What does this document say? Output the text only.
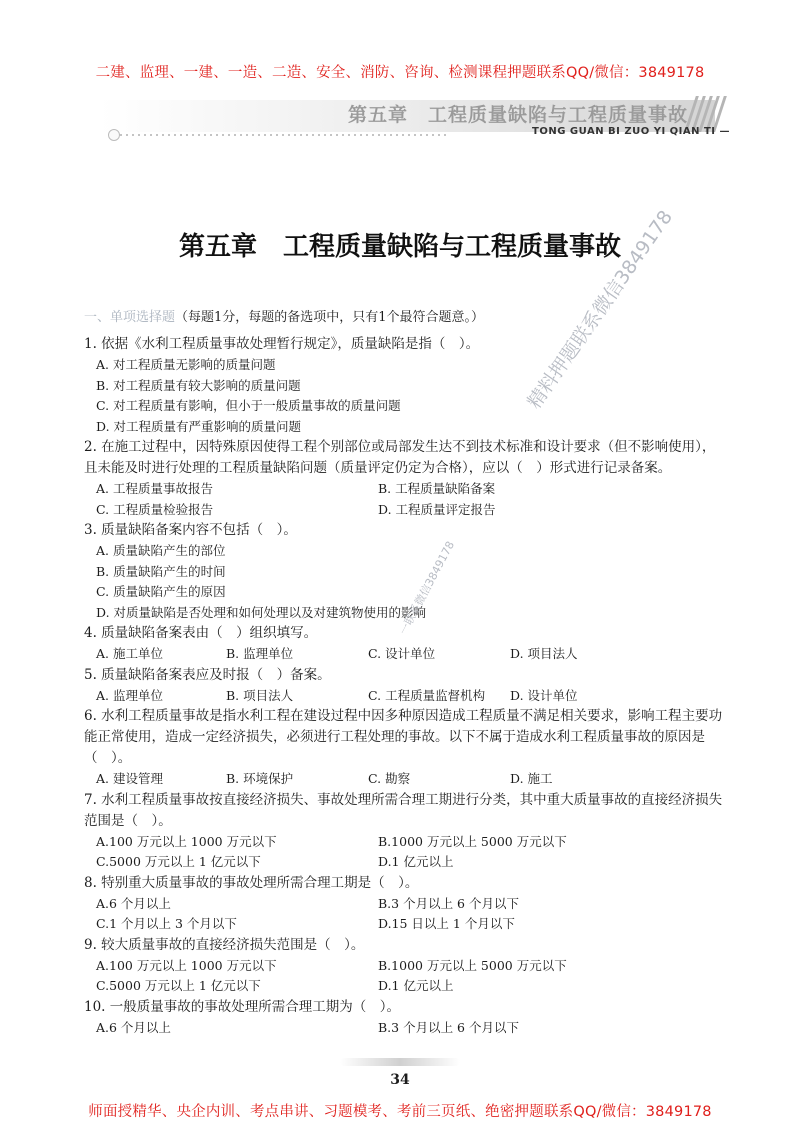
二建、监理、一建、一造、二造、安全、消防、咨询、检测课程押题联系QQ/微信：3849178
第五章　工程质量缺陷与工程质量事故
TONG GUAN BI ZUO YI QIAN TI —
第五章　工程质量缺陷与工程质量事故
一、单项选择题（每题1分，每题的备选项中，只有1个最符合题意。）

1. 依据《水利工程质量事故处理暂行规定》，质量缺陷是指（　）。

A. 对工程质量无影响的质量问题
B. 对工程质量有较大影响的质量问题
C. 对工程质量有影响，但小于一般质量事故的质量问题
D. 对工程质量有严重影响的质量问题

2. 在施工过程中，因特殊原因使得工程个别部位或局部发生达不到技术标准和设计要求（但不影响使用），且未能及时进行处理的工程质量缺陷问题（质量评定仍定为合格），应以（　）形式进行记录备案。

A. 工程质量事故报告	B. 工程质量缺陷备案
C. 工程质量检验报告	D. 工程质量评定报告

3. 质量缺陷备案内容不包括（　）。

A. 质量缺陷产生的部位
B. 质量缺陷产生的时间
C. 质量缺陷产生的原因
D. 对质量缺陷是否处理和如何处理以及对建筑物使用的影响

4. 质量缺陷备案表由（　）组织填写。

A. 施工单位	B. 监理单位	C. 设计单位	D. 项目法人

5. 质量缺陷备案表应及时报（　）备案。

A. 监理单位	B. 项目法人	C. 工程质量监督机构	D. 设计单位

6. 水利工程质量事故是指水利工程在建设过程中因多种原因造成工程质量不满足相关要求，影响工程主要功能正常使用，造成一定经济损失，必须进行工程处理的事故。以下不属于造成水利工程质量事故的原因是（　）。

A. 建设管理	B. 环境保护	C. 勘察	D. 施工

7. 水利工程质量事故按直接经济损失、事故处理所需合理工期进行分类，其中重大质量事故的直接经济损失范围是（　）。

A.100 万元以上 1000 万元以下	B.1000 万元以上 5000 万元以下
C.5000 万元以上 1 亿元以下	D.1 亿元以上

8. 特别重大质量事故的事故处理所需合理工期是（　）。

A.6 个月以上	B.3 个月以上 6 个月以下
C.1 个月以上 3 个月以下	D.15 日以上 1 个月以下

9. 较大质量事故的直接经济损失范围是（　）。

A.100 万元以上 1000 万元以下	B.1000 万元以上 5000 万元以下
C.5000 万元以上 1 亿元以下	D.1 亿元以上

10. 一般质量事故的事故处理所需合理工期为（　）。

A.6 个月以上	B.3 个月以上 6 个月以下
精料押题联系微信3849178
一联系微信3849178
34
师面授精华、央企内训、考点串讲、习题模考、考前三页纸、绝密押题联系QQ/微信：3849178
